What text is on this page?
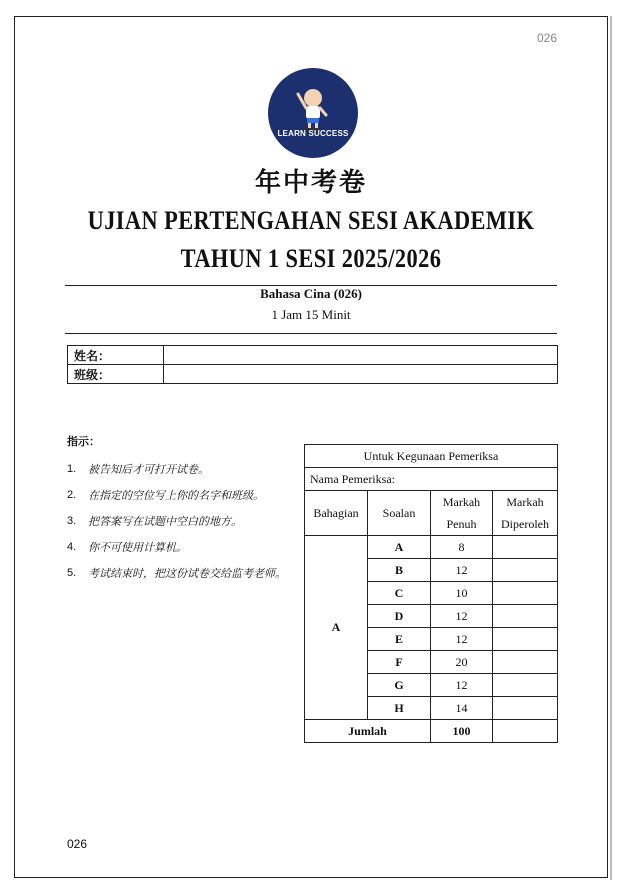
026
LEARN SUCCESS
年中考卷
UJIAN PERTENGAHAN SESI AKADEMIK
TAHUN 1 SESI 2025/2026
Bahasa Cina (026)
1 Jam 15 Minit
姓名：	
班级：	
指示：
1. 被告知后才可打开试卷。
2. 在指定的空位写上你的名字和班级。
3. 把答案写在试题中空白的地方。
4. 你不可使用计算机。
5. 考试结束时，把这份试卷交给监考老师。
Untuk Kegunaan Pemeriksa			
Nama Pemeriksa:			
Bahagian	Soalan	Markah Penuh	Markah Diperoleh
A	A	8	
	B	12	
	C	10	
	D	12	
	E	12	
	F	20	
	G	12	
	H	14	
Jumlah		100	
026
